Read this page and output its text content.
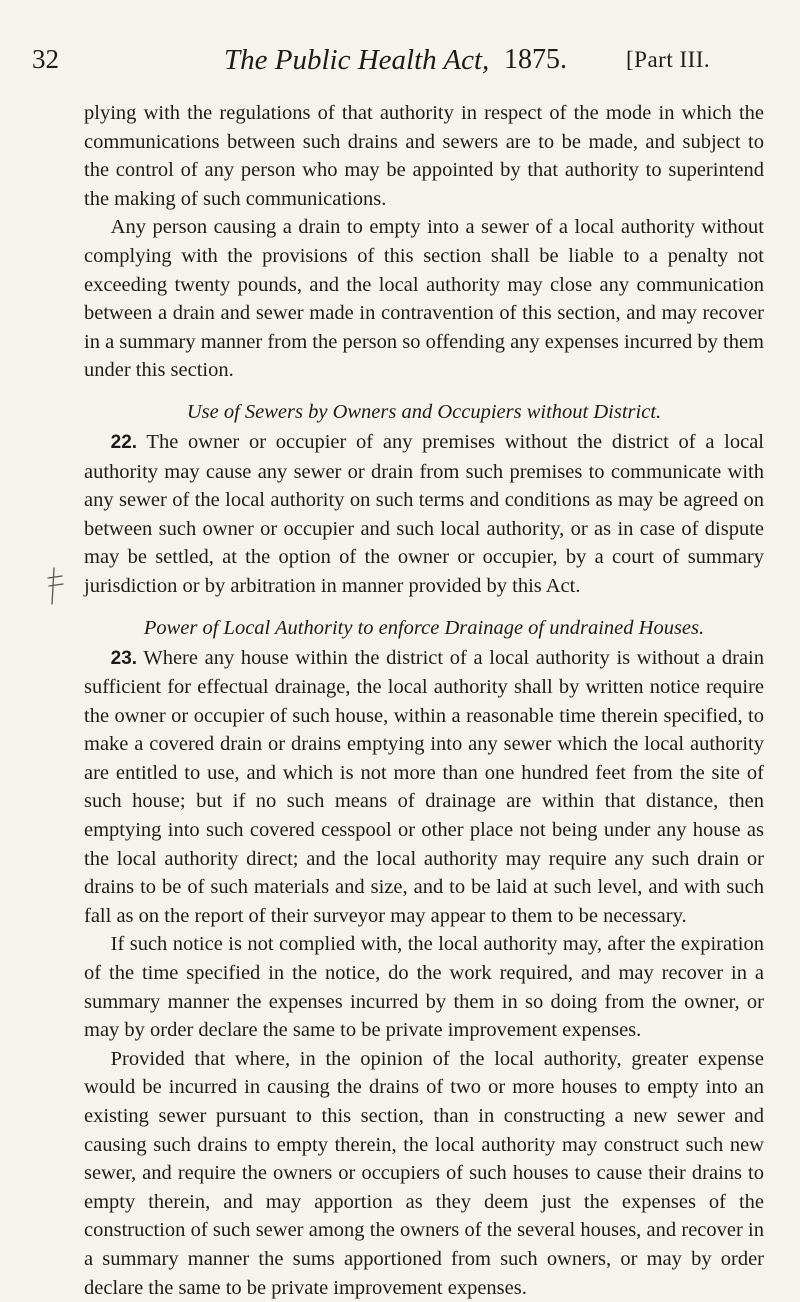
32	The Public Health Act, 1875.	[Part III.

plying with the regulations of that authority in respect of the mode in which the communications between such drains and sewers are to be made, and subject to the control of any person who may be appointed by that authority to superintend the making of such communications.

Any person causing a drain to empty into a sewer of a local authority without complying with the provisions of this section shall be liable to a penalty not exceeding twenty pounds, and the local authority may close any communication between a drain and sewer made in contravention of this section, and may recover in a summary manner from the person so offending any expenses incurred by them under this section.

Use of Sewers by Owners and Occupiers without District.

22. The owner or occupier of any premises without the district of a local authority may cause any sewer or drain from such premises to communicate with any sewer of the local authority on such terms and conditions as may be agreed on between such owner or occupier and such local authority, or as in case of dispute may be settled, at the option of the owner or occupier, by a court of summary jurisdiction or by arbitration in manner provided by this Act.

Power of Local Authority to enforce Drainage of undrained Houses.

23. Where any house within the district of a local authority is without a drain sufficient for effectual drainage, the local authority shall by written notice require the owner or occupier of such house, within a reasonable time therein specified, to make a covered drain or drains emptying into any sewer which the local authority are entitled to use, and which is not more than one hundred feet from the site of such house; but if no such means of drainage are within that distance, then emptying into such covered cesspool or other place not being under any house as the local authority direct; and the local authority may require any such drain or drains to be of such materials and size, and to be laid at such level, and with such fall as on the report of their surveyor may appear to them to be necessary.

If such notice is not complied with, the local authority may, after the expiration of the time specified in the notice, do the work required, and may recover in a summary manner the expenses incurred by them in so doing from the owner, or may by order declare the same to be private improvement expenses.

Provided that where, in the opinion of the local authority, greater expense would be incurred in causing the drains of two or more houses to empty into an existing sewer pursuant to this section, than in constructing a new sewer and causing such drains to empty therein, the local authority may construct such new sewer, and require the owners or occupiers of such houses to cause their drains to empty therein, and may apportion as they deem just the expenses of the construction of such sewer among the owners of the several houses, and recover in a summary manner the sums apportioned from such owners, or may by order declare the same to be private improvement expenses.
